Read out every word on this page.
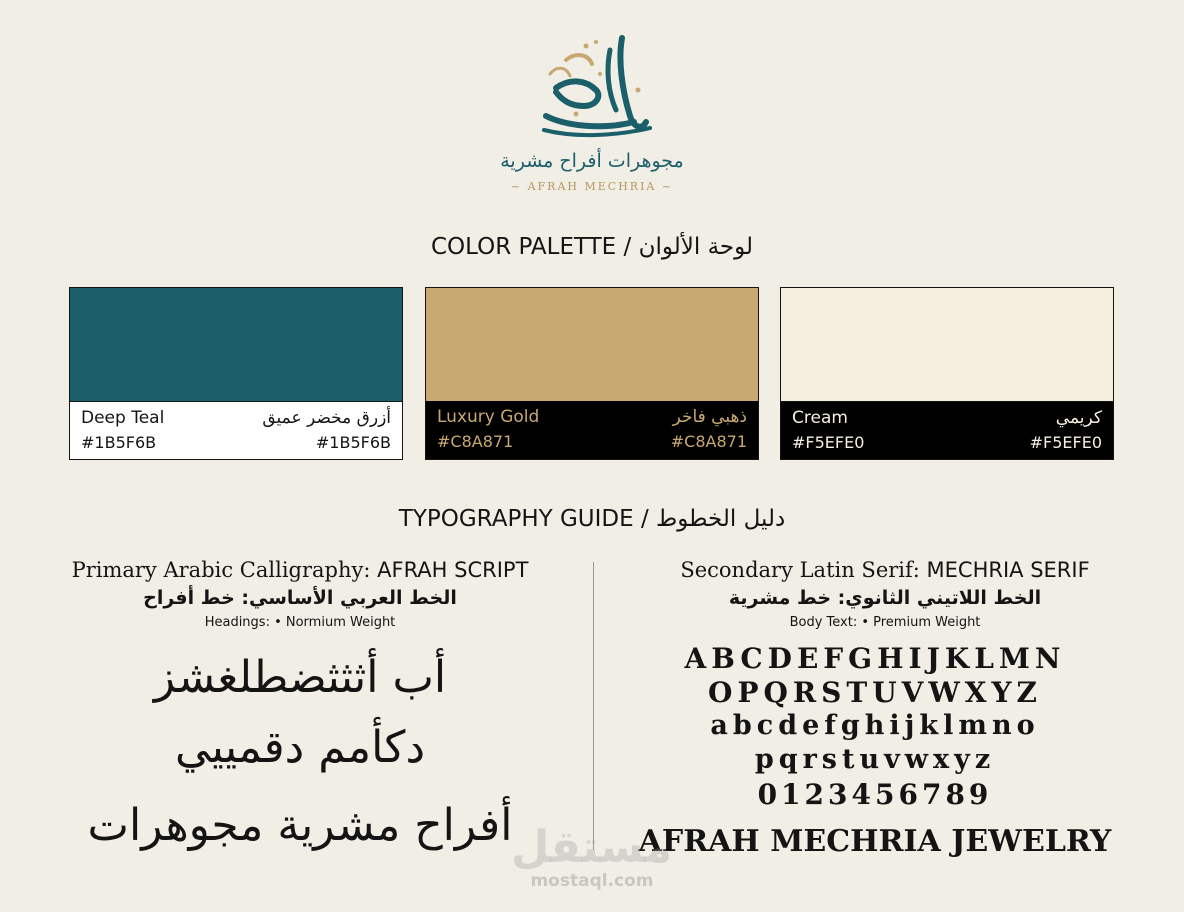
مجوهرات أفراح مشرية
~ AFRAH MECHRIA ~
COLOR PALETTE / لوحة الألوان
Deep Teal	أزرق مخضر عميق
#1B5F6B	#1B5F6B
Luxury Gold	ذهبي فاخر
#C8A871	#C8A871
Cream	كريمي
#F5EFE0	#F5EFE0
TYPOGRAPHY GUIDE / دليل الخطوط
Primary Arabic Calligraphy: AFRAH SCRIPT
الخط العربي الأساسي: خط أفراح
Headings: • Normium Weight
أب أثثثضطلغشز
دكأمم دقمييي
أفراح مشرية مجوهرات
Secondary Latin Serif: MECHRIA SERIF
الخط اللاتيني الثانوي: خط مشرية
Body Text: • Premium Weight
ABCDEFGHIJKLMN
OPQRSTUVWXYZ
abcdefghijklmno
pqrstuvwxyz
0123456789
AFRAH MECHRIA JEWELRY
مستقل
mostaql.com
